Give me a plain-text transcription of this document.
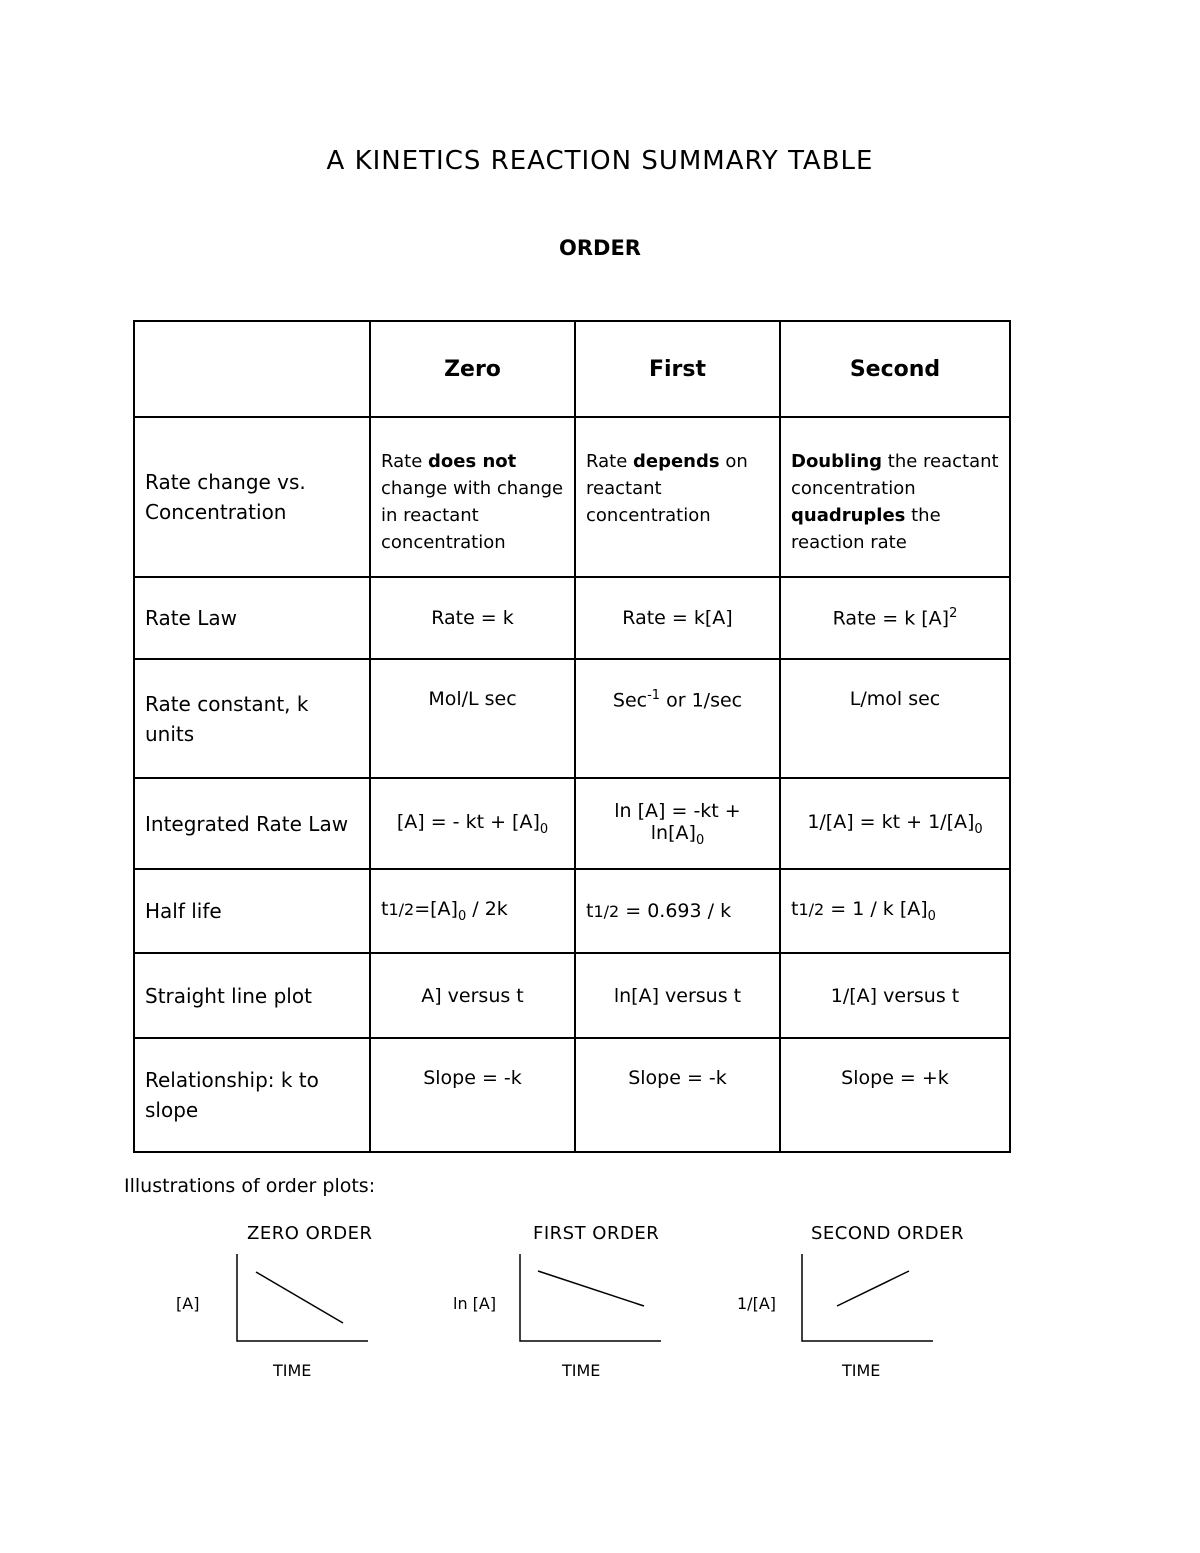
A KINETICS REACTION SUMMARY TABLE
ORDER
	Zero	First	Second
Rate change vs. Concentration	Rate does not change with change in reactant concentration	Rate depends on reactant concentration	Doubling the reactant concentration quadruples the reaction rate
Rate Law	Rate = k	Rate = k[A]	Rate = k $[A]^2$
Rate constant, k units	Mol/L sec	Sec$^{-1}$ or 1/sec	L/mol sec
Integrated Rate Law	[A] = - kt + $[A]_0$	$\ln [A] = -kt + \ln[A]_0$	1/[A] = kt + $1/[A]_0$
Half life	$t1/2=[A]_0 / 2k$	t1/2 = 0.693 / k	t1/2 = 1 / k $[A]_0$
Straight line plot	A] versus t	ln[A] versus t	1/[A] versus t
Relationship: k to slope	Slope = -k	Slope = -k	Slope = +k
Illustrations of order plots:
ZERO ORDER
[A]
TIME
FIRST ORDER
ln [A]
TIME
SECOND ORDER
1/[A]
TIME
